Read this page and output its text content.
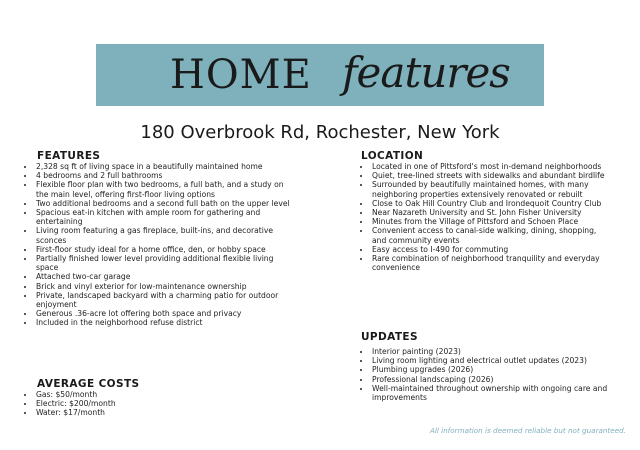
HOME features
180 Overbrook Rd, Rochester, New York
FEATURES
• 2,328 sq ft of living space in a beautifully maintained home
• 4 bedrooms and 2 full bathrooms
• Flexible floor plan with two bedrooms, a full bath, and a study on the main level, offering first-floor living options
• Two additional bedrooms and a second full bath on the upper level
• Spacious eat-in kitchen with ample room for gathering and entertaining
• Living room featuring a gas fireplace, built-ins, and decorative sconces
• First-floor study ideal for a home office, den, or hobby space
• Partially finished lower level providing additional flexible living space
• Attached two-car garage
• Brick and vinyl exterior for low-maintenance ownership
• Private, landscaped backyard with a charming patio for outdoor enjoyment
• Generous .36-acre lot offering both space and privacy
• Included in the neighborhood refuse district
AVERAGE COSTS
• Gas: $50/month
• Electric: $200/month
• Water: $17/month
LOCATION
• Located in one of Pittsford's most in-demand neighborhoods
• Quiet, tree-lined streets with sidewalks and abundant birdlife
• Surrounded by beautifully maintained homes, with many neighboring properties extensively renovated or rebuilt
• Close to Oak Hill Country Club and Irondequoit Country Club
• Near Nazareth University and St. John Fisher University
• Minutes from the Village of Pittsford and Schoen Place
• Convenient access to canal-side walking, dining, shopping, and community events
• Easy access to I-490 for commuting
• Rare combination of neighborhood tranquility and everyday convenience
UPDATES
• Interior painting (2023)
• Living room lighting and electrical outlet updates (2023)
• Plumbing upgrades (2026)
• Professional landscaping (2026)
• Well-maintained throughout ownership with ongoing care and improvements
All information is deemed reliable but not guaranteed.
